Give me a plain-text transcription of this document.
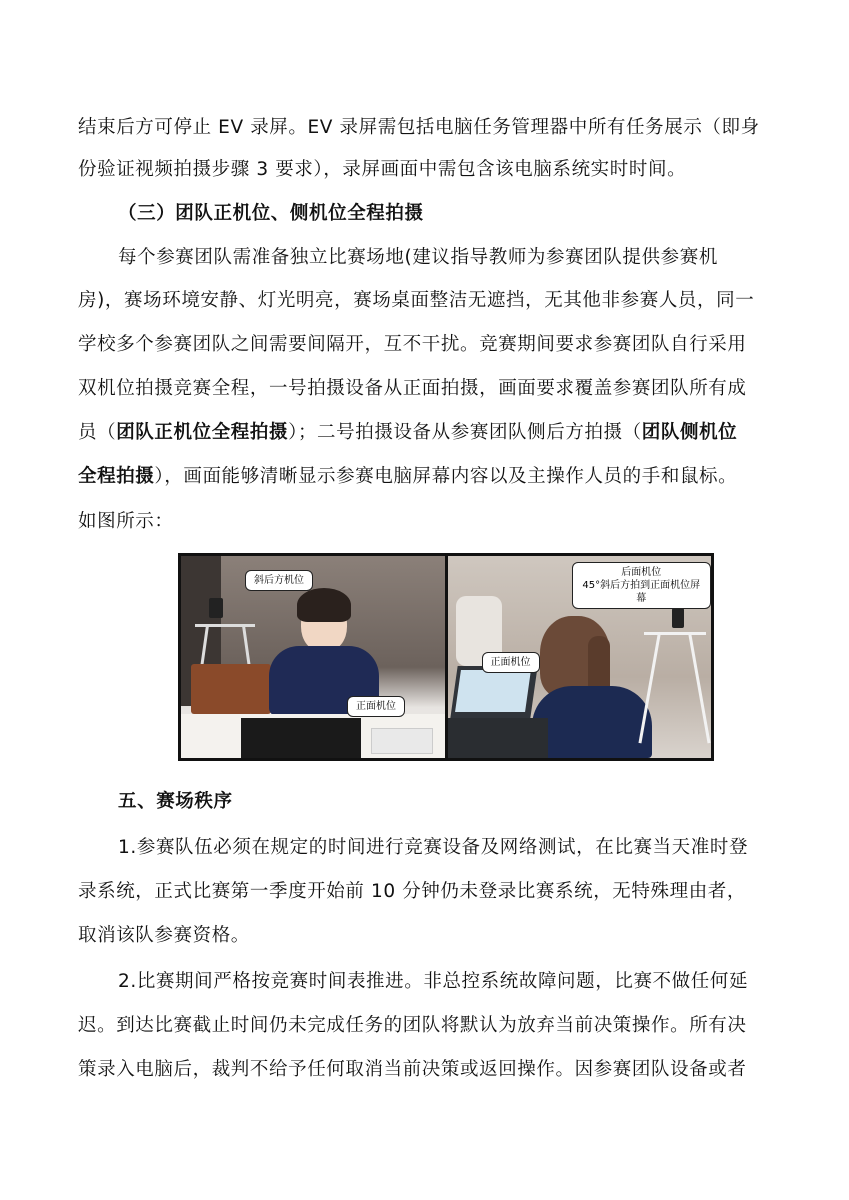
结束后方可停止 EV 录屏。EV 录屏需包括电脑任务管理器中所有任务展示（即身
份验证视频拍摄步骤 3 要求），录屏画面中需包含该电脑系统实时时间。
（三）团队正机位、侧机位全程拍摄
每个参赛团队需准备独立比赛场地(建议指导教师为参赛团队提供参赛机
房)，赛场环境安静、灯光明亮，赛场桌面整洁无遮挡，无其他非参赛人员，同一
学校多个参赛团队之间需要间隔开，互不干扰。竞赛期间要求参赛团队自行采用
双机位拍摄竞赛全程，一号拍摄设备从正面拍摄，画面要求覆盖参赛团队所有成
员（团队正机位全程拍摄）；二号拍摄设备从参赛团队侧后方拍摄（团队侧机位
全程拍摄），画面能够清晰显示参赛电脑屏幕内容以及主操作人员的手和鼠标。
如图所示：
斜后方机位
正面机位
后面机位
45°斜后方拍到正面机位屏幕
正面机位
五、赛场秩序
1.参赛队伍必须在规定的时间进行竞赛设备及网络测试，在比赛当天准时登
录系统，正式比赛第一季度开始前 10 分钟仍未登录比赛系统，无特殊理由者，
取消该队参赛资格。
2.比赛期间严格按竞赛时间表推进。非总控系统故障问题，比赛不做任何延
迟。到达比赛截止时间仍未完成任务的团队将默认为放弃当前决策操作。所有决
策录入电脑后，裁判不给予任何取消当前决策或返回操作。因参赛团队设备或者
